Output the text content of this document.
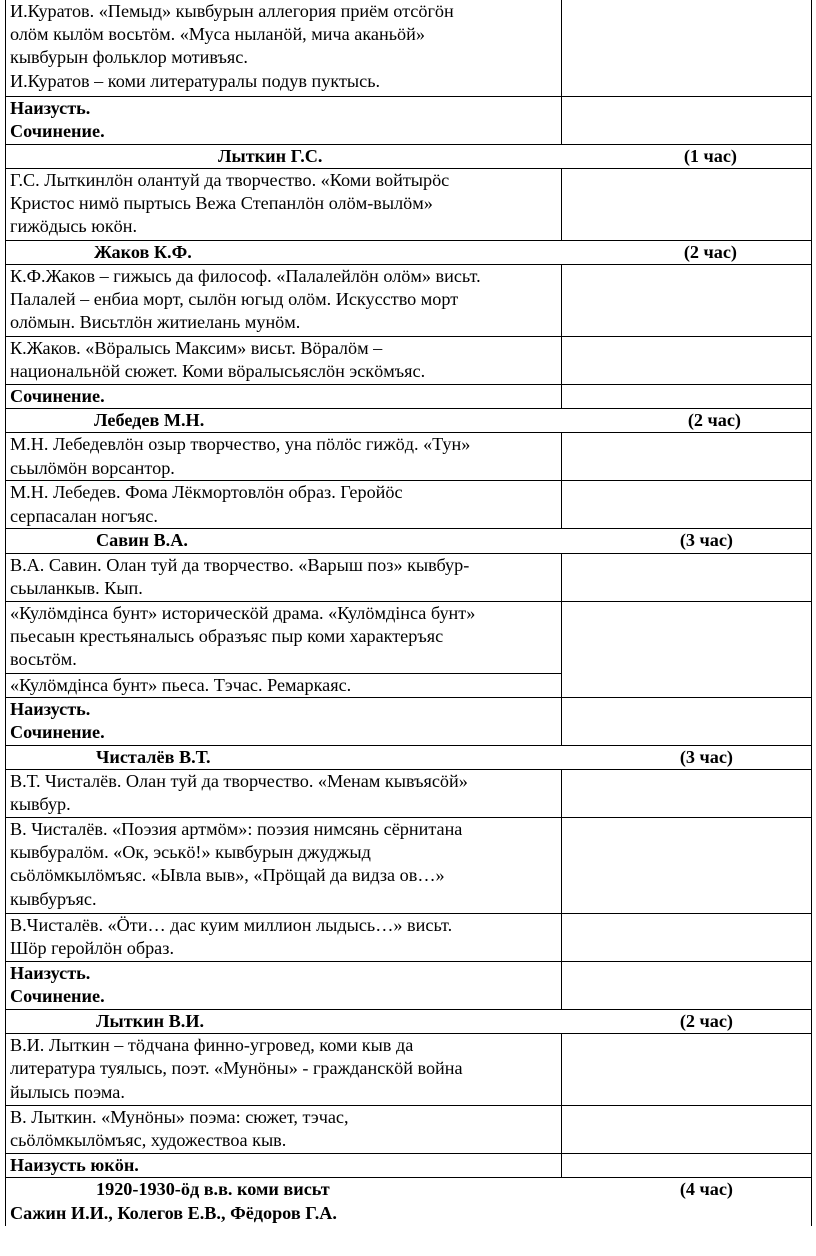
И.Куратов. «Пемыд» кывбурын аллегория приём отсöгöн
олöм кылöм восьтöм. «Муса ныланöй, мича аканьöй»
кывбурын фольклор мотивъяс.
И.Куратов – коми литературалы подув пуктысь.	

Наизусть.
Сочинение.	

Лыткин Г.С. (1 час)	

Г.С. Лыткинлöн олантуй да творчество. «Коми войтырöс
Кристос нимö пыртысь Вежа Степанлöн олöм-вылöм»
гижöдысь юкöн.	

Жаков К.Ф. (2 час)	

К.Ф.Жаков – гижысь да философ. «Палалейлöн олöм» висьт.
Палалей – енбиа морт, сылöн югыд олöм. Искусство морт
олöмын. Висьтлöн житиелань мунöм.	

К.Жаков. «Вöралысь Максим» висьт. Вöралöм –
национальнöй сюжет. Коми вöралысьяслöн эскöмъяс.	

Сочинение.	

Лебедев М.Н. (2 час)	

М.Н. Лебедевлöн озыр творчество, уна пöлöс гижöд. «Тун»
сьылöмöн ворсантор.	

М.Н. Лебедев. Фома Лёкмортовлöн образ. Геройöс
серпасалан ногъяс.	

Савин В.А. (3 час)	

В.А. Савин. Олан туй да творчество. «Варыш поз» кывбур-
сьыланкыв. Кып.	

«Кулöмдiнса бунт» историческöй драма. «Кулöмдiнса бунт»
пьесаын крестьяналысь образъяс пыр коми характеръяс
восьтöм.	

«Кулöмдiнса бунт» пьеса. Тэчас. Ремаркаяс.	

Наизусть.
Сочинение.	

Чисталёв В.Т. (3 час)	

В.Т. Чисталёв. Олан туй да творчество. «Менам кывъясöй»
кывбур.	

В. Чисталёв. «Поэзия артмöм»: поэзия нимсянь сёрнитана
кывбуралöм. «Ок, эськö!» кывбурын джуджыд
сьöлöмкылöмъяс. «Ывла выв», «Прöщай да видза ов…»
кывбуръяс.	

В.Чисталёв. «Öти… дас куим миллион лыдысь…» висьт.
Шöр геройлöн образ.	

Наизусть.
Сочинение.	

Лыткин В.И. (2 час)	

В.И. Лыткин – тöдчана финно-угровед, коми кыв да
литература туялысь, поэт. «Мунöны» - гражданскöй война
йылысь поэма.	

В. Лыткин. «Мунöны» поэма: сюжет, тэчас,
сьöлöмкылöмъяс, художествоа кыв.	

Наизусть юкöн.	

1920-1930-öд в.в. коми висьт (4 час)
Сажин И.И., Колегов Е.В., Фёдоров Г.А.	
